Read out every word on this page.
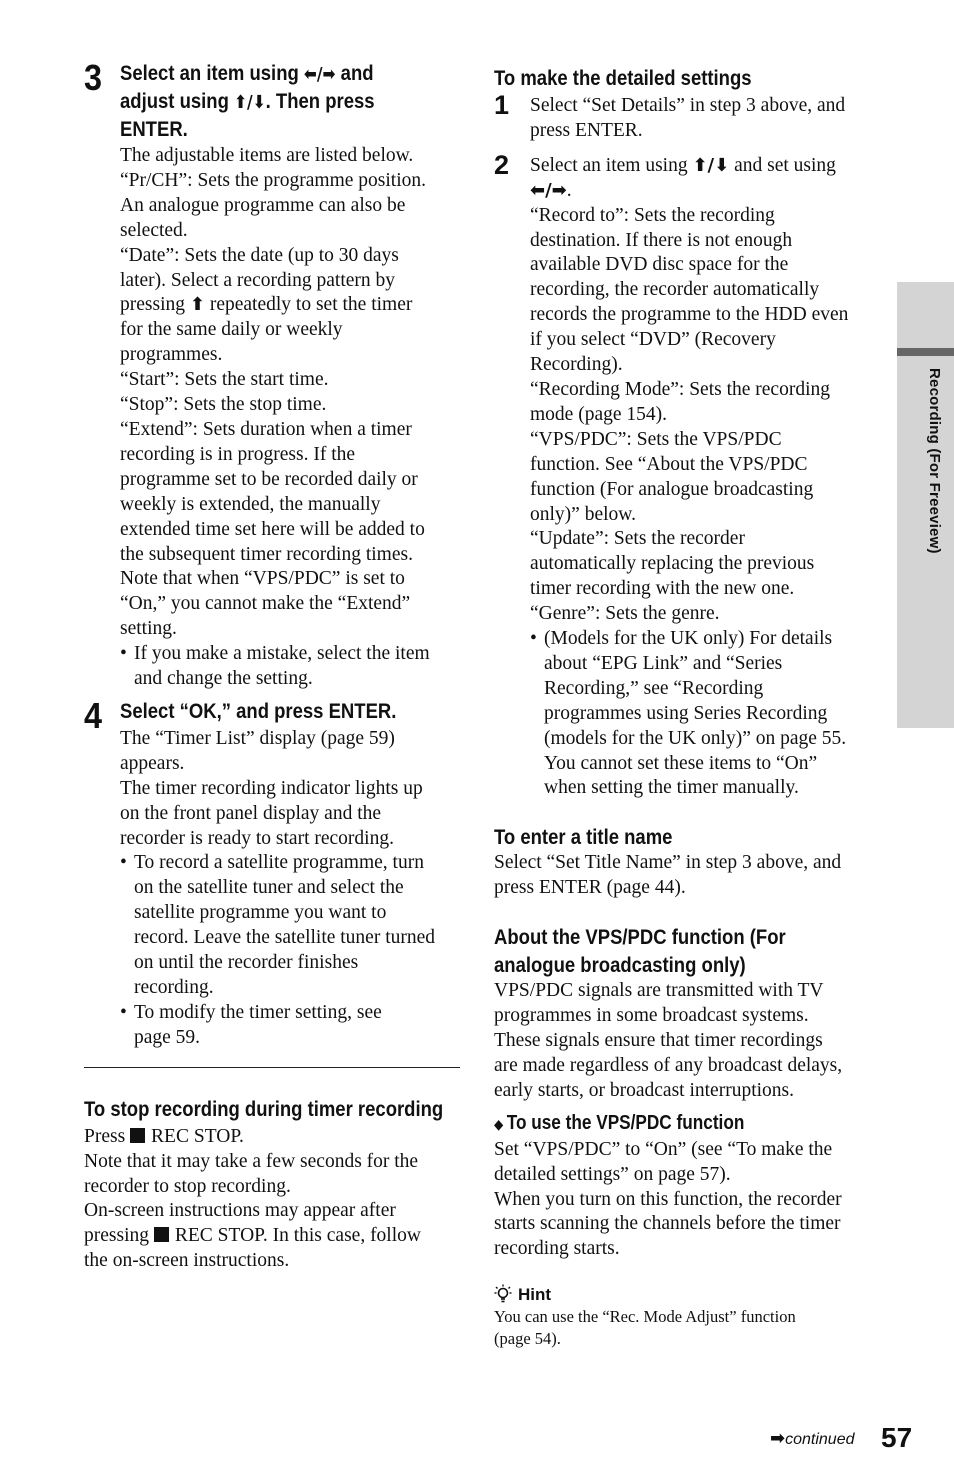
3 Select an item using ⬅/➡ and
adjust using ⬆/⬇. Then press
ENTER.
The adjustable items are listed below.
“Pr/CH”: Sets the programme position.
An analogue programme can also be
selected.
“Date”: Sets the date (up to 30 days
later). Select a recording pattern by
pressing ⬆ repeatedly to set the timer
for the same daily or weekly
programmes.
“Start”: Sets the start time.
“Stop”: Sets the stop time.
“Extend”: Sets duration when a timer
recording is in progress. If the
programme set to be recorded daily or
weekly is extended, the manually
extended time set here will be added to
the subsequent timer recording times.
Note that when “VPS/PDC” is set to
“On,” you cannot make the “Extend”
setting.
• If you make a mistake, select the item
and change the setting.
4 Select “OK,” and press ENTER.
The “Timer List” display (page 59)
appears.
The timer recording indicator lights up
on the front panel display and the
recorder is ready to start recording.
• To record a satellite programme, turn
on the satellite tuner and select the
satellite programme you want to
record. Leave the satellite tuner turned
on until the recorder finishes
recording.
• To modify the timer setting, see
page 59.
To stop recording during timer recording
Press REC STOP.
Note that it may take a few seconds for the
recorder to stop recording.
On-screen instructions may appear after
pressing REC STOP. In this case, follow
the on-screen instructions.
To make the detailed settings
1 Select “Set Details” in step 3 above, and
press ENTER.
2 Select an item using ⬆/⬇ and set using
⬅/➡.
“Record to”: Sets the recording
destination. If there is not enough
available DVD disc space for the
recording, the recorder automatically
records the programme to the HDD even
if you select “DVD” (Recovery
Recording).
“Recording Mode”: Sets the recording
mode (page 154).
“VPS/PDC”: Sets the VPS/PDC
function. See “About the VPS/PDC
function (For analogue broadcasting
only)” below.
“Update”: Sets the recorder
automatically replacing the previous
timer recording with the new one.
“Genre”: Sets the genre.
• (Models for the UK only) For details
about “EPG Link” and “Series
Recording,” see “Recording
programmes using Series Recording
(models for the UK only)” on page 55.
You cannot set these items to “On”
when setting the timer manually.
To enter a title name
Select “Set Title Name” in step 3 above, and
press ENTER (page 44).
About the VPS/PDC function (For
analogue broadcasting only)
VPS/PDC signals are transmitted with TV
programmes in some broadcast systems.
These signals ensure that timer recordings
are made regardless of any broadcast delays,
early starts, or broadcast interruptions.
◆ To use the VPS/PDC function
Set “VPS/PDC” to “On” (see “To make the
detailed settings” on page 57).
When you turn on this function, the recorder
starts scanning the channels before the timer
recording starts.
Hint
You can use the “Rec. Mode Adjust” function
(page 54).
Recording (For Freeview)
➡continued 57
